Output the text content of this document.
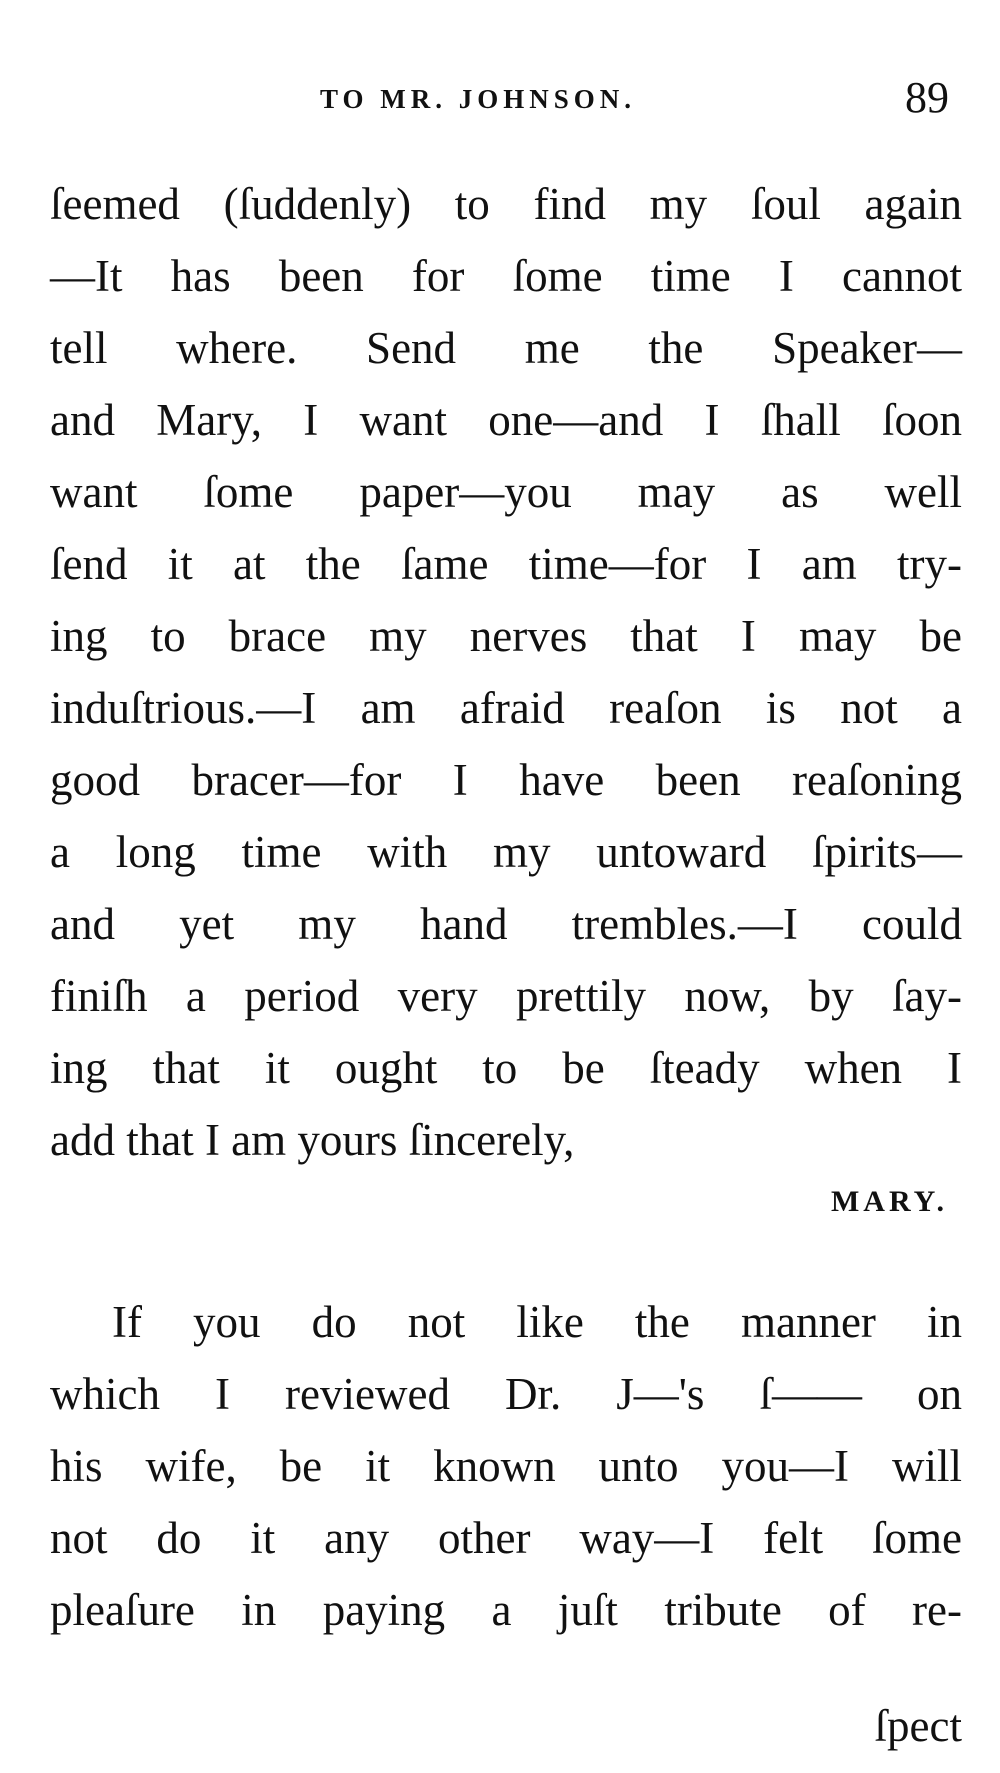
TO MR. JOHNSON.	89
ſeemed (ſuddenly) to find my ſoul again
—It has been for ſome time I cannot
tell where. Send me the Speaker—
and Mary, I want one—and I ſhall ſoon
want ſome paper—you may as well
ſend it at the ſame time—for I am try-
ing to brace my nerves that I may be
induſtrious.—I am afraid reaſon is not a
good bracer—for I have been reaſoning
a long time with my untoward ſpirits—
and yet my hand trembles.—I could
finiſh a period very prettily now, by ſay-
ing that it ought to be ſteady when I
add that I am yours ſincerely,
MARY.
If you do not like the manner in
which I reviewed Dr. J—'s ſ—— on
his wife, be it known unto you—I will
not do it any other way—I felt ſome
pleaſure in paying a juſt tribute of re-
ſpect
